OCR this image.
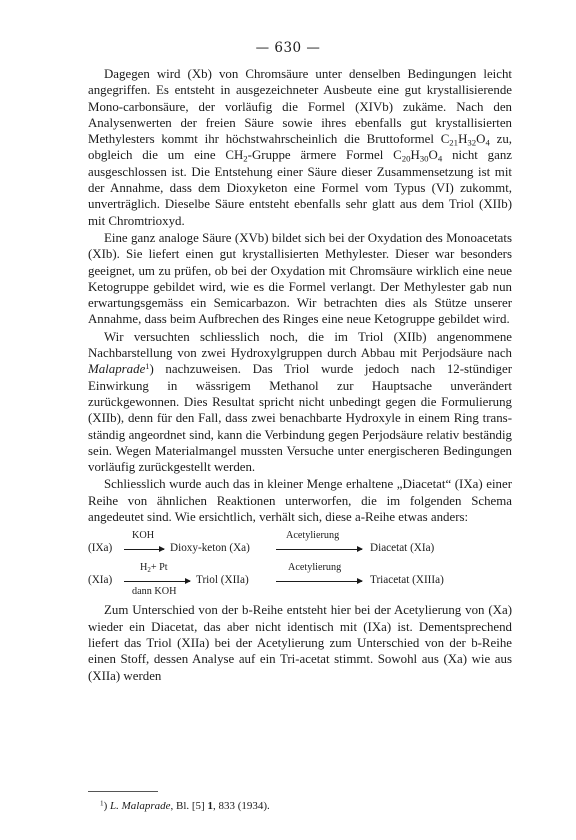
— 630 —

Dagegen wird (Xb) von Chromsäure unter denselben Bedingungen leicht angegriffen. Es entsteht in ausgezeichneter Ausbeute eine gut krystallisierende Mono-carbonsäure, der vorläufig die Formel (XIVb) zukäme. Nach den Analysenwerten der freien Säure sowie ihres ebenfalls gut krystallisierten Methylesters kommt ihr höchstwahrscheinlich die Bruttoformel $C_{21}H_{32}O_4$ zu, obgleich die um eine $CH_2$-Gruppe ärmere Formel $C_{20}H_{30}O_4$ nicht ganz ausgeschlossen ist. Die Entstehung einer Säure dieser Zusammensetzung ist mit der Annahme, dass dem Dioxyketon eine Formel vom Typus (VI) zukommt, unverträglich. Dieselbe Säure entsteht ebenfalls sehr glatt aus dem Triol (XIIb) mit Chromtrioxyd.

Eine ganz analoge Säure (XVb) bildet sich bei der Oxydation des Monoacetats (XIb). Sie liefert einen gut krystallisierten Methylester. Dieser war besonders geeignet, um zu prüfen, ob bei der Oxydation mit Chromsäure wirklich eine neue Ketogruppe gebildet wird, wie es die Formel verlangt. Der Methylester gab nun erwartungsgemäss ein Semicarbazon. Wir betrachten dies als Stütze unserer Annahme, dass beim Aufbrechen des Ringes eine neue Ketogruppe gebildet wird.

Wir versuchten schliesslich noch, die im Triol (XIIb) angenommene Nachbarstellung von zwei Hydroxylgruppen durch Abbau mit Perjodsäure nach Malaprade$^1$) nachzuweisen. Das Triol wurde jedoch nach 12-stündiger Einwirkung in wässrigem Methanol zur Hauptsache unverändert zurückgewonnen. Dies Resultat spricht nicht unbedingt gegen die Formulierung (XIIb), denn für den Fall, dass zwei benachbarte Hydroxyle in einem Ring trans-ständig angeordnet sind, kann die Verbindung gegen Perjodsäure relativ beständig sein. Wegen Materialmangel mussten Versuche unter energischeren Bedingungen vorläufig zurückgestellt werden.

Schliesslich wurde auch das in kleiner Menge erhaltene „Diacetat“ (IXa) einer Reihe von ähnlichen Reaktionen unterworfen, die im folgenden Schema angedeutet sind. Wie ersichtlich, verhält sich, diese a-Reihe etwas anders:

KOH
(IXa) → Dioxy-keton (Xa)
Acetylierung
Diacetat (XIa)
$H_2+ Pt$
(XIa)
dann KOH
Triol (XIIa)
Acetylierung
Triacetat (XIIIa)

Zum Unterschied von der b-Reihe entsteht hier bei der Acetylierung von (Xa) wieder ein Diacetat, das aber nicht identisch mit (IXa) ist. Dementsprechend liefert das Triol (XIIa) bei der Acetylierung zum Unterschied von der b-Reihe einen Stoff, dessen Analyse auf ein Tri-acetat stimmt. Sowohl aus (Xa) wie aus (XIIa) werden

$^1$) L. Malaprade, Bl. [5] 1, 833 (1934).
